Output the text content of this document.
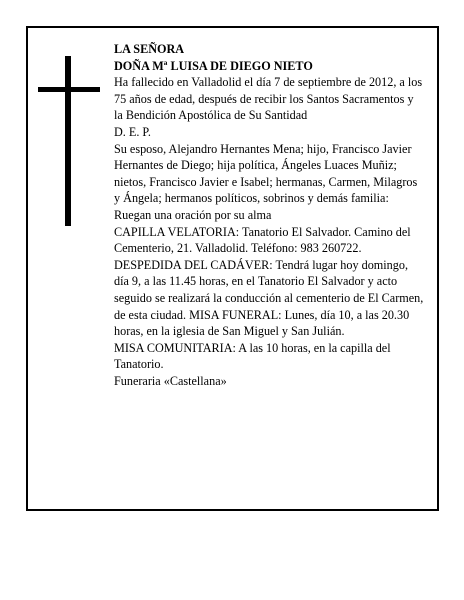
LA SEÑORA

DOÑA Mª LUISA DE DIEGO NIETO

Ha fallecido en Valladolid el día 7 de septiembre de 2012, a los 75 años de edad, después de recibir los Santos Sacramentos y la Bendición Apostólica de Su Santidad

D. E. P.

Su esposo, Alejandro Hernantes Mena; hijo, Francisco Javier Hernantes de Diego; hija política, Ángeles Luaces Muñiz; nietos, Francisco Javier e Isabel; hermanas, Carmen, Milagros y Ángela; hermanos políticos, sobrinos y demás familia:

Ruegan una oración por su alma

CAPILLA VELATORIA: Tanatorio El Salvador. Camino del Cementerio, 21. Valladolid. Teléfono: 983 260722.

DESPEDIDA DEL CADÁVER: Tendrá lugar hoy domingo, día 9, a las 11.45 horas, en el Tanatorio El Salvador y acto seguido se realizará la conducción al cementerio de El Carmen, de esta ciudad. MISA FUNERAL: Lunes, día 10, a las 20.30 horas, en la iglesia de San Miguel y San Julián.

MISA COMUNITARIA: A las 10 horas, en la capilla del Tanatorio.

Funeraria «Castellana»
